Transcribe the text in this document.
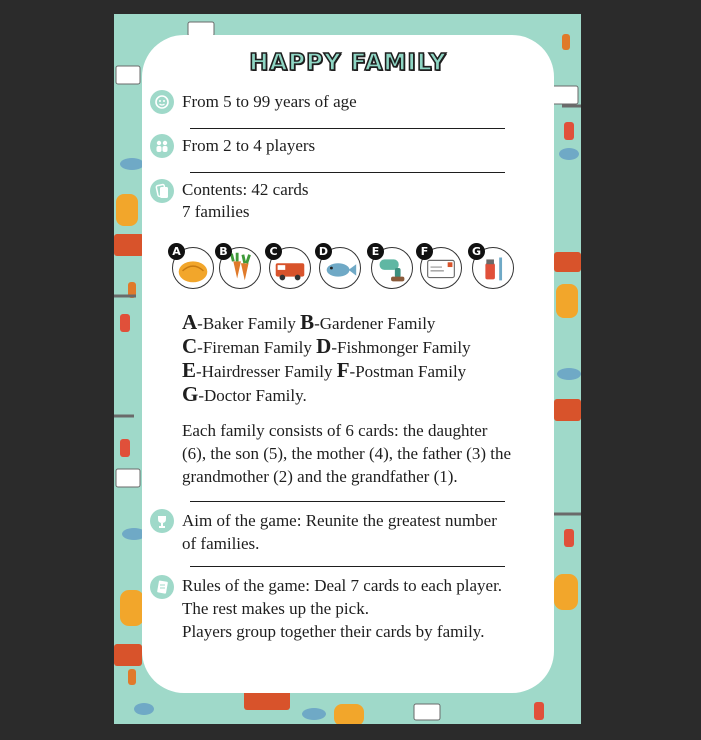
HAPPY FAMILY
From 5 to 99 years of age
From 2 to 4 players
Contents: 42 cards
7 families
A	B	C	D	E	F	G
A-Baker Family B-Gardener Family
C-Fireman Family D-Fishmonger Family
E-Hairdresser Family F-Postman Family
G-Doctor Family.
Each family consists of 6 cards: the daughter
(6), the son (5), the mother (4), the father (3) the
grandmother (2) and the grandfather (1).
Aim of the game: Reunite the greatest number
of families.
Rules of the game: Deal 7 cards to each player.
The rest makes up the pick.
Players group together their cards by family.
